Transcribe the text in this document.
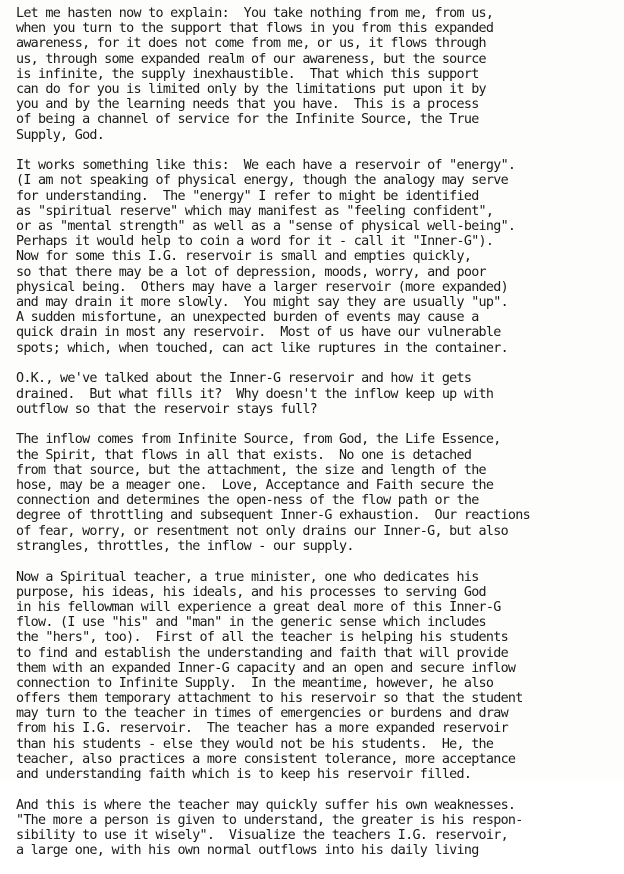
Let me hasten now to explain:  You take nothing from me, from us,
when you turn to the support that flows in you from this expanded
awareness, for it does not come from me, or us, it flows through
us, through some expanded realm of our awareness, but the source
is infinite, the supply inexhaustible.  That which this support
can do for you is limited only by the limitations put upon it by
you and by the learning needs that you have.  This is a process
of being a channel of service for the Infinite Source, the True
Supply, God.
It works something like this:  We each have a reservoir of "energy".
(I am not speaking of physical energy, though the analogy may serve
for understanding.  The "energy" I refer to might be identified
as "spiritual reserve" which may manifest as "feeling confident",
or as "mental strength" as well as a "sense of physical well-being".
Perhaps it would help to coin a word for it - call it "Inner-G").
Now for some this I.G. reservoir is small and empties quickly,
so that there may be a lot of depression, moods, worry, and poor
physical being.  Others may have a larger reservoir (more expanded)
and may drain it more slowly.  You might say they are usually "up".
A sudden misfortune, an unexpected burden of events may cause a
quick drain in most any reservoir.  Most of us have our vulnerable
spots; which, when touched, can act like ruptures in the container.
O.K., we've talked about the Inner-G reservoir and how it gets
drained.  But what fills it?  Why doesn't the inflow keep up with
outflow so that the reservoir stays full?
The inflow comes from Infinite Source, from God, the Life Essence,
the Spirit, that flows in all that exists.  No one is detached
from that source, but the attachment, the size and length of the
hose, may be a meager one.  Love, Acceptance and Faith secure the
connection and determines the open-ness of the flow path or the
degree of throttling and subsequent Inner-G exhaustion.  Our reactions
of fear, worry, or resentment not only drains our Inner-G, but also
strangles, throttles, the inflow - our supply.
Now a Spiritual teacher, a true minister, one who dedicates his
purpose, his ideas, his ideals, and his processes to serving God
in his fellowman will experience a great deal more of this Inner-G
flow. (I use "his" and "man" in the generic sense which includes
the "hers", too).  First of all the teacher is helping his students
to find and establish the understanding and faith that will provide
them with an expanded Inner-G capacity and an open and secure inflow
connection to Infinite Supply.  In the meantime, however, he also
offers them temporary attachment to his reservoir so that the student
may turn to the teacher in times of emergencies or burdens and draw
from his I.G. reservoir.  The teacher has a more expanded reservoir
than his students - else they would not be his students.  He, the
teacher, also practices a more consistent tolerance, more acceptance
and understanding faith which is to keep his reservoir filled.
And this is where the teacher may quickly suffer his own weaknesses.
"The more a person is given to understand, the greater is his respon-
sibility to use it wisely".  Visualize the teachers I.G. reservoir,
a large one, with his own normal outflows into his daily living
